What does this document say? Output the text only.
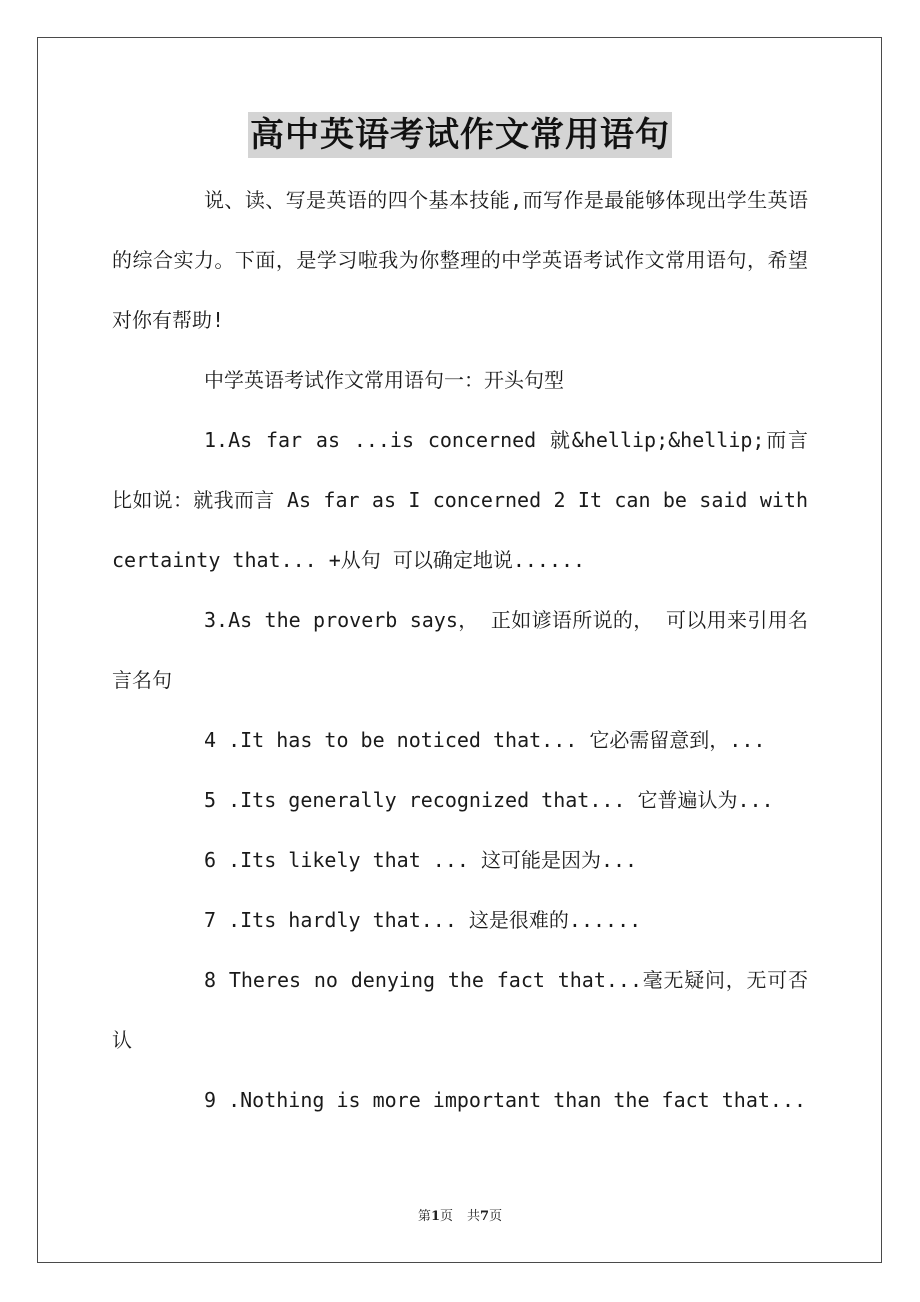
高中英语考试作文常用语句

说、读、写是英语的四个基本技能,而写作是最能够体现出学生英语的综合实力。下面，是学习啦我为你整理的中学英语考试作文常用语句，希望对你有帮助!

中学英语考试作文常用语句一：开头句型

1.As far as ...is concerned 就&hellip;&hellip;而言比如说：就我而言 As far as I concerned 2 It can be said with certainty that... +从句 可以确定地说......

3.As the proverb says， 正如谚语所说的， 可以用来引用名言名句

4 .It has to be noticed that... 它必需留意到，...

5 .Its generally recognized that... 它普遍认为...

6 .Its likely that ... 这可能是因为...

7 .Its hardly that... 这是很难的......

8 Theres no denying the fact that...毫无疑问，无可否认

9 .Nothing is more important than the fact that...

第1页 共7页
